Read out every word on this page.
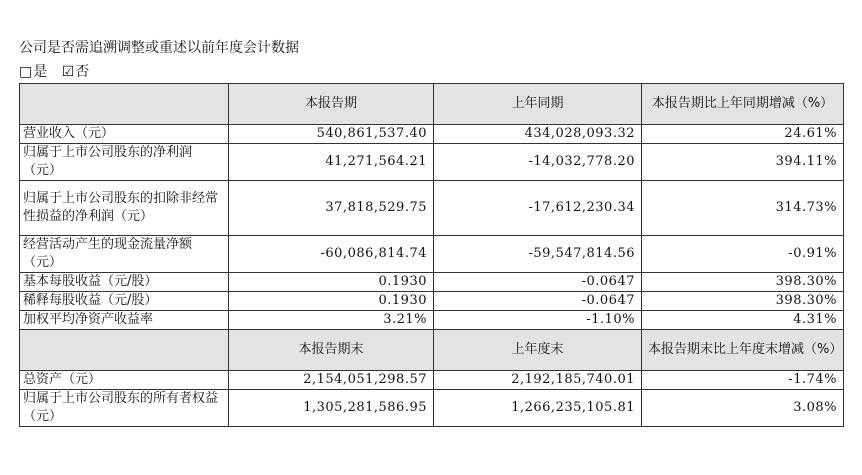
公司是否需追溯调整或重述以前年度会计数据
□是 ☑否
	本报告期	上年同期	本报告期比上年同期增减（%）
营业收入（元）	540,861,537.40	434,028,093.32	24.61%
归属于上市公司股东的净利润（元）	41,271,564.21	-14,032,778.20	394.11%
归属于上市公司股东的扣除非经常性损益的净利润（元）	37,818,529.75	-17,612,230.34	314.73%
经营活动产生的现金流量净额（元）	-60,086,814.74	-59,547,814.56	-0.91%
基本每股收益（元/股）	0.1930	-0.0647	398.30%
稀释每股收益（元/股）	0.1930	-0.0647	398.30%
加权平均净资产收益率	3.21%	-1.10%	4.31%
	本报告期末	上年度末	本报告期末比上年度末增减（%）
总资产（元）	2,154,051,298.57	2,192,185,740.01	-1.74%
归属于上市公司股东的所有者权益（元）	1,305,281,586.95	1,266,235,105.81	3.08%
